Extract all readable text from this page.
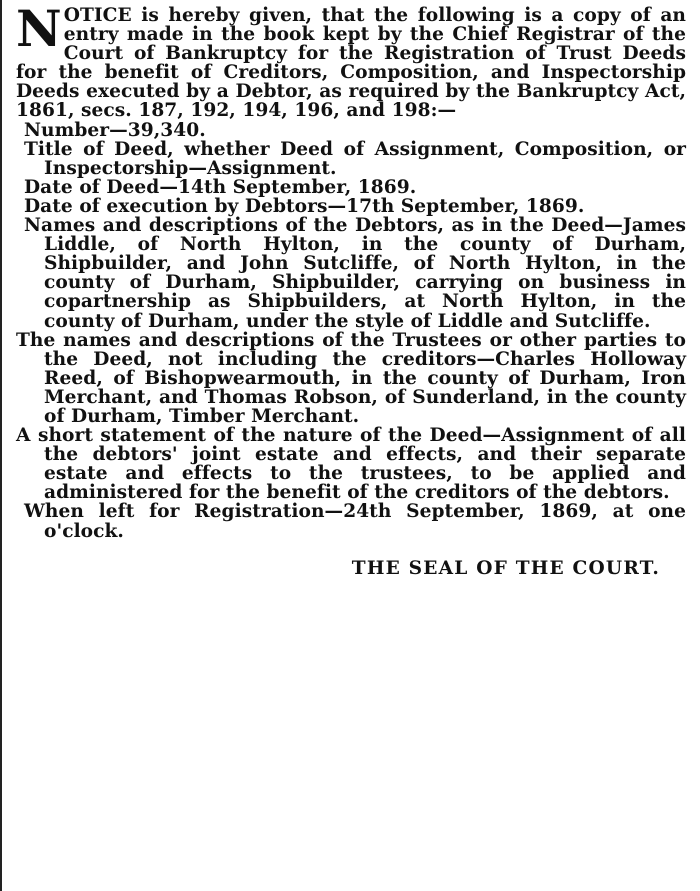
NOTICE is hereby given, that the following is a copy of an entry made in the book kept by the Chief Registrar of the Court of Bankruptcy for the Registration of Trust Deeds for the benefit of Creditors, Composition, and Inspectorship Deeds executed by a Debtor, as required by the Bankruptcy Act, 1861, secs. 187, 192, 194, 196, and 198:—

Number—39,340.

Title of Deed, whether Deed of Assignment, Composition, or Inspectorship—Assignment.

Date of Deed—14th September, 1869.

Date of execution by Debtors—17th September, 1869.

Names and descriptions of the Debtors, as in the Deed—James Liddle, of North Hylton, in the county of Durham, Shipbuilder, and John Sutcliffe, of North Hylton, in the county of Durham, Shipbuilder, carrying on business in copartnership as Shipbuilders, at North Hylton, in the county of Durham, under the style of Liddle and Sutcliffe.

The names and descriptions of the Trustees or other parties to the Deed, not including the creditors—Charles Holloway Reed, of Bishopwearmouth, in the county of Durham, Iron Merchant, and Thomas Robson, of Sunderland, in the county of Durham, Timber Merchant.

A short statement of the nature of the Deed—Assignment of all the debtors' joint estate and effects, and their separate estate and effects to the trustees, to be applied and administered for the benefit of the creditors of the debtors.

When left for Registration—24th September, 1869, at one o'clock.

THE SEAL OF THE COURT.
